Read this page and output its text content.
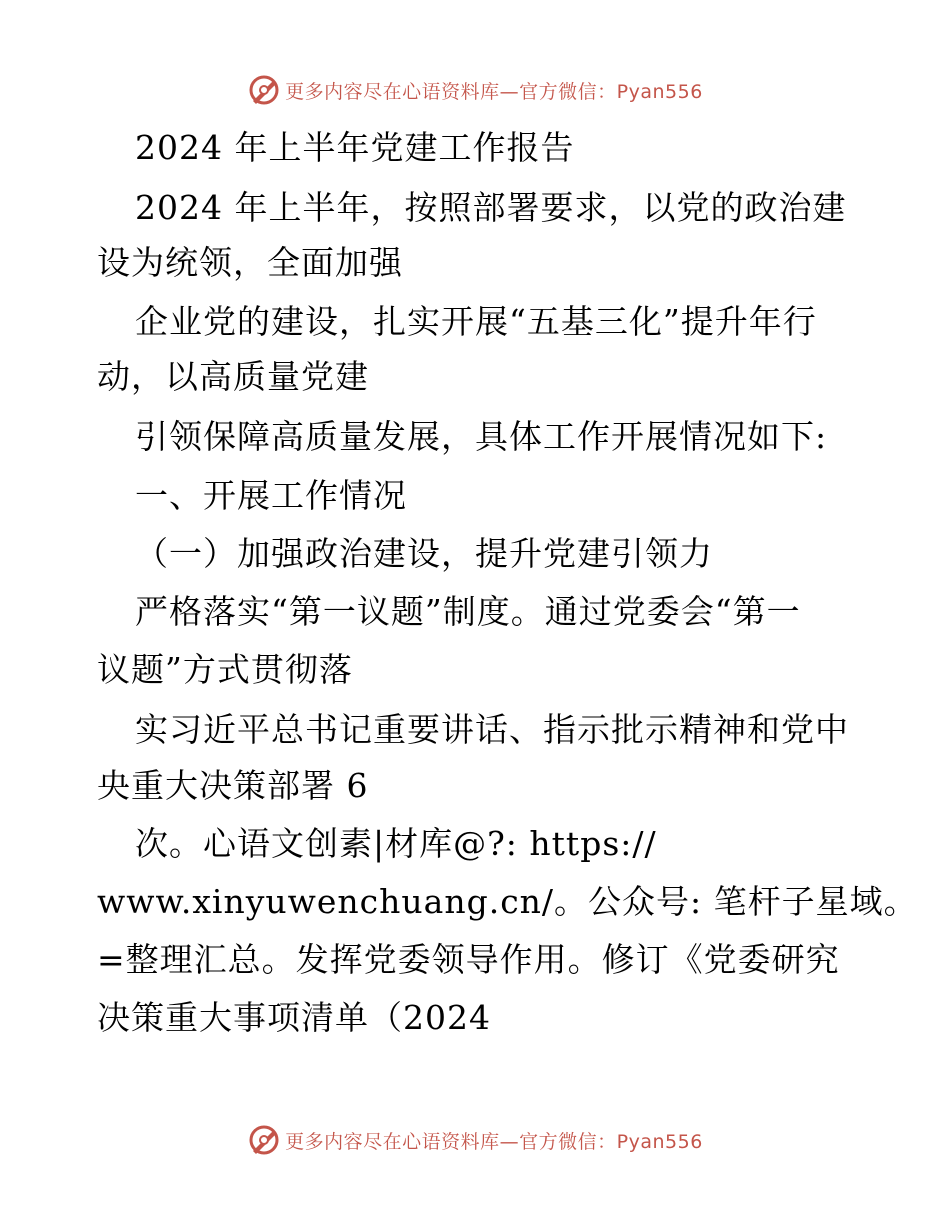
更多内容尽在心语资料库—官方微信：Pyan556
2024 年上半年党建工作报告
2024 年上半年，按照部署要求，以党的政治建
设为统领，全面加强
企业党的建设，扎实开展“五基三化”提升年行
动，以高质量党建
引领保障高质量发展，具体工作开展情况如下:
一、开展工作情况
（一）加强政治建设，提升党建引领力
严格落实“第一议题”制度。通过党委会“第一
议题”方式贯彻落
实习近平总书记重要讲话、指示批示精神和党中
央重大决策部署 6
次。心语文创素|材库@?: https://
www.xinyuwenchuang.cn/。公众号: 笔杆子星域。
=整理汇总。发挥党委领导作用。修订《党委研究
决策重大事项清单（2024
更多内容尽在心语资料库—官方微信：Pyan556
